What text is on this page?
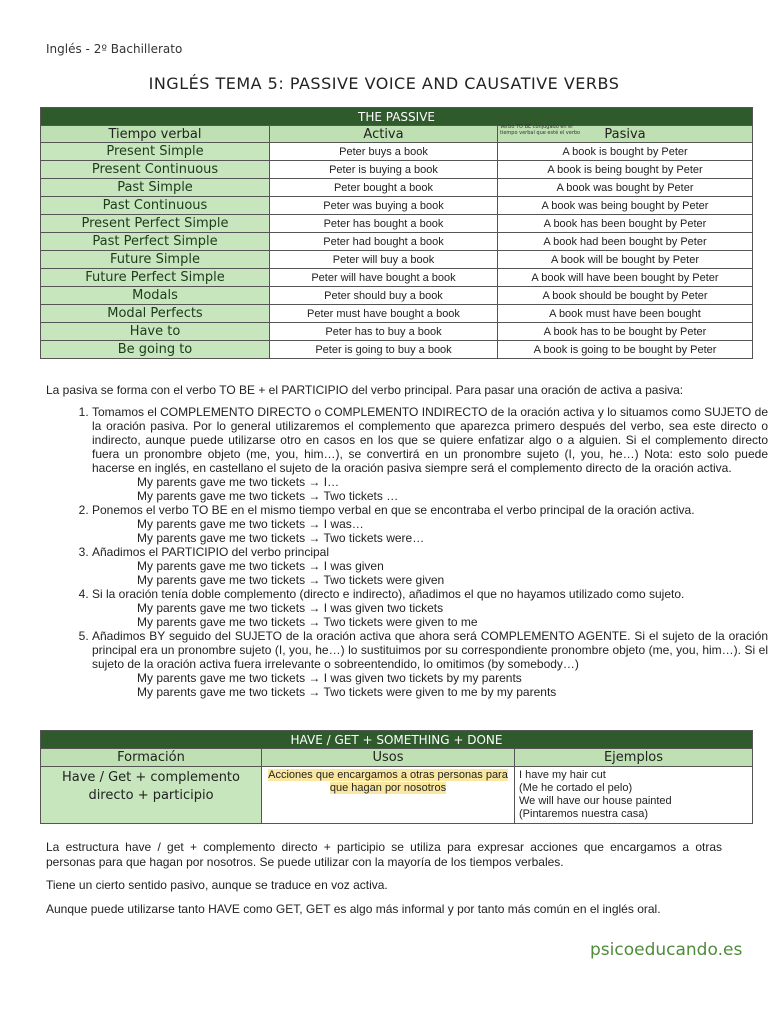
Inglés - 2º Bachillerato
INGLÉS TEMA 5: PASSIVE VOICE AND CAUSATIVE VERBS
THE PASSIVE		
Tiempo verbal	Activa	Verbo TO BE conjugado en el tiempo verbal que esté el verbo Pasiva
Present Simple	Peter buys a book	A book is bought by Peter
Present Continuous	Peter is buying a book	A book is being bought by Peter
Past Simple	Peter bought a book	A book was bought by Peter
Past Continuous	Peter was buying a book	A book was being bought by Peter
Present Perfect Simple	Peter has bought a book	A book has been bought by Peter
Past Perfect Simple	Peter had bought a book	A book had been bought by Peter
Future Simple	Peter will buy a book	A book will be bought by Peter
Future Perfect Simple	Peter will have bought a book	A book will have been bought by Peter
Modals	Peter should buy a book	A book should be bought by Peter
Modal Perfects	Peter must have bought a book	A book must have been bought
Have to	Peter has to buy a book	A book has to be bought by Peter
Be going to	Peter is going to buy a book	A book is going to be bought by Peter
La pasiva se forma con el verbo TO BE + el PARTICIPIO del verbo principal. Para pasar una oración de activa a pasiva:
1. Tomamos el COMPLEMENTO DIRECTO o COMPLEMENTO INDIRECTO de la oración activa y lo situamos como SUJETO de la oración pasiva. Por lo general utilizaremos el complemento que aparezca primero después del verbo, sea este directo o indirecto, aunque puede utilizarse otro en casos en los que se quiere enfatizar algo o a alguien. Si el complemento directo fuera un pronombre objeto (me, you, him…), se convertirá en un pronombre sujeto (I, you, he…) Nota: esto solo puede hacerse en inglés, en castellano el sujeto de la oración pasiva siempre será el complemento directo de la oración activa.
My parents gave me two tickets → I…
My parents gave me two tickets → Two tickets …
2. Ponemos el verbo TO BE en el mismo tiempo verbal en que se encontraba el verbo principal de la oración activa.
My parents gave me two tickets → I was…
My parents gave me two tickets → Two tickets were…
3. Añadimos el PARTICIPIO del verbo principal
My parents gave me two tickets → I was given
My parents gave me two tickets → Two tickets were given
4. Si la oración tenía doble complemento (directo e indirecto), añadimos el que no hayamos utilizado como sujeto.
My parents gave me two tickets → I was given two tickets
My parents gave me two tickets → Two tickets were given to me
5. Añadimos BY seguido del SUJETO de la oración activa que ahora será COMPLEMENTO AGENTE. Si el sujeto de la oración principal era un pronombre sujeto (I, you, he…) lo sustituimos por su correspondiente pronombre objeto (me, you, him…). Si el sujeto de la oración activa fuera irrelevante o sobreentendido, lo omitimos (by somebody…)
My parents gave me two tickets → I was given two tickets by my parents
My parents gave me two tickets → Two tickets were given to me by my parents
HAVE / GET + SOMETHING + DONE		
Formación	Usos	Ejemplos
Have / Get + complemento directo + participio	Acciones que encargamos a otras personas para que hagan por nosotros	I have my hair cut
(Me he cortado el pelo)
We will have our house painted
(Pintaremos nuestra casa)
La estructura have / get + complemento directo + participio se utiliza para expresar acciones que encargamos a otras personas para que hagan por nosotros. Se puede utilizar con la mayoría de los tiempos verbales.
Tiene un cierto sentido pasivo, aunque se traduce en voz activa.
Aunque puede utilizarse tanto HAVE como GET, GET es algo más informal y por tanto más común en el inglés oral.
psicoeducando.es
